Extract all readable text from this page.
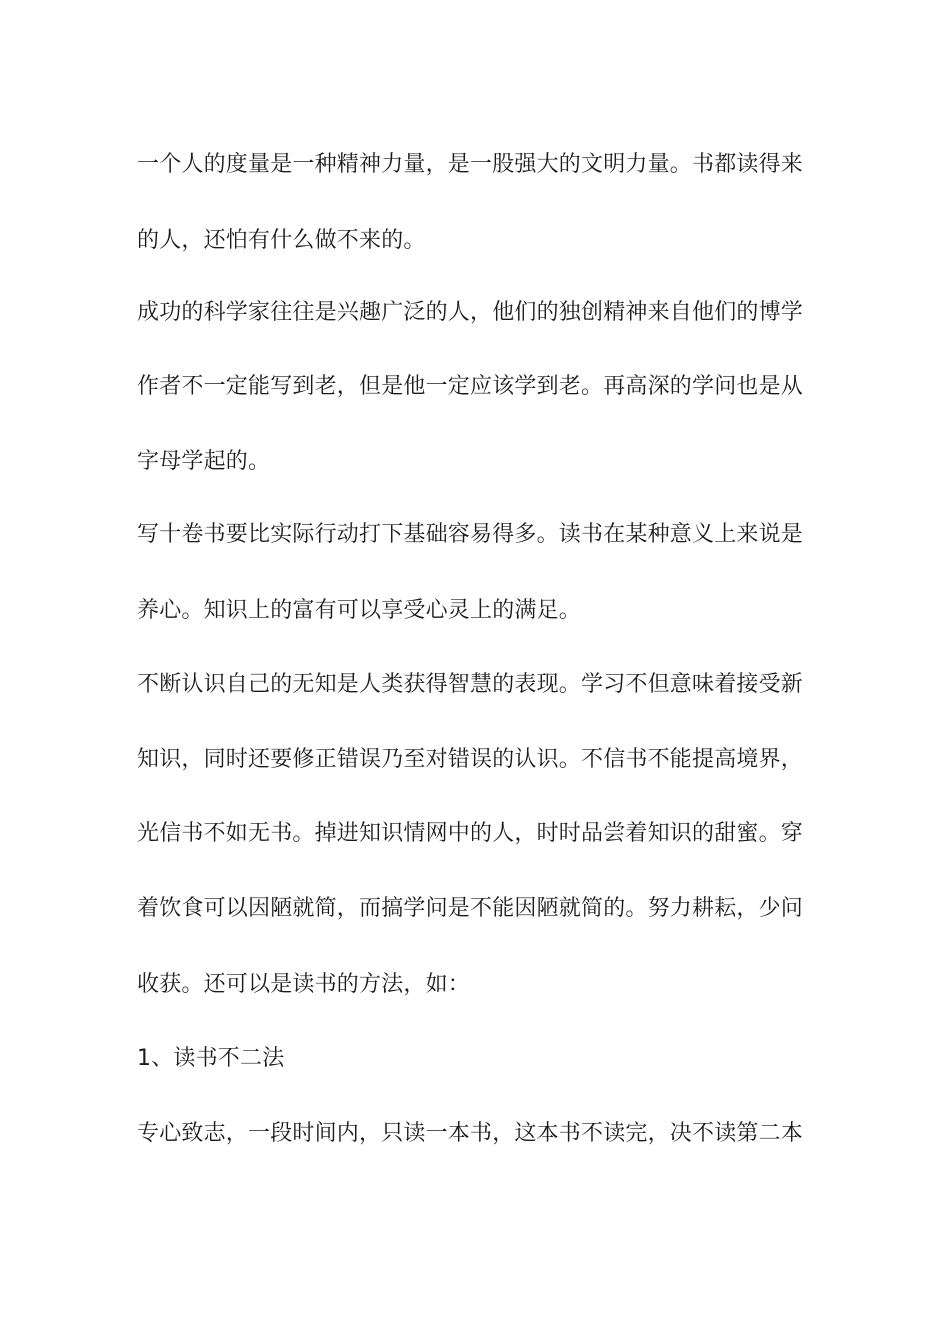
一个人的度量是一种精神力量，是一股强大的文明力量。书都读得来
的人，还怕有什么做不来的。
成功的科学家往往是兴趣广泛的人，他们的独创精神来自他们的博学
作者不一定能写到老，但是他一定应该学到老。再高深的学问也是从
字母学起的。
写十卷书要比实际行动打下基础容易得多。读书在某种意义上来说是
养心。知识上的富有可以享受心灵上的满足。
不断认识自己的无知是人类获得智慧的表现。学习不但意味着接受新
知识，同时还要修正错误乃至对错误的认识。不信书不能提高境界，
光信书不如无书。掉进知识情网中的人，时时品尝着知识的甜蜜。穿
着饮食可以因陋就简，而搞学问是不能因陋就简的。努力耕耘，少问
收获。还可以是读书的方法，如：
1、读书不二法
专心致志，一段时间内，只读一本书，这本书不读完，决不读第二本
